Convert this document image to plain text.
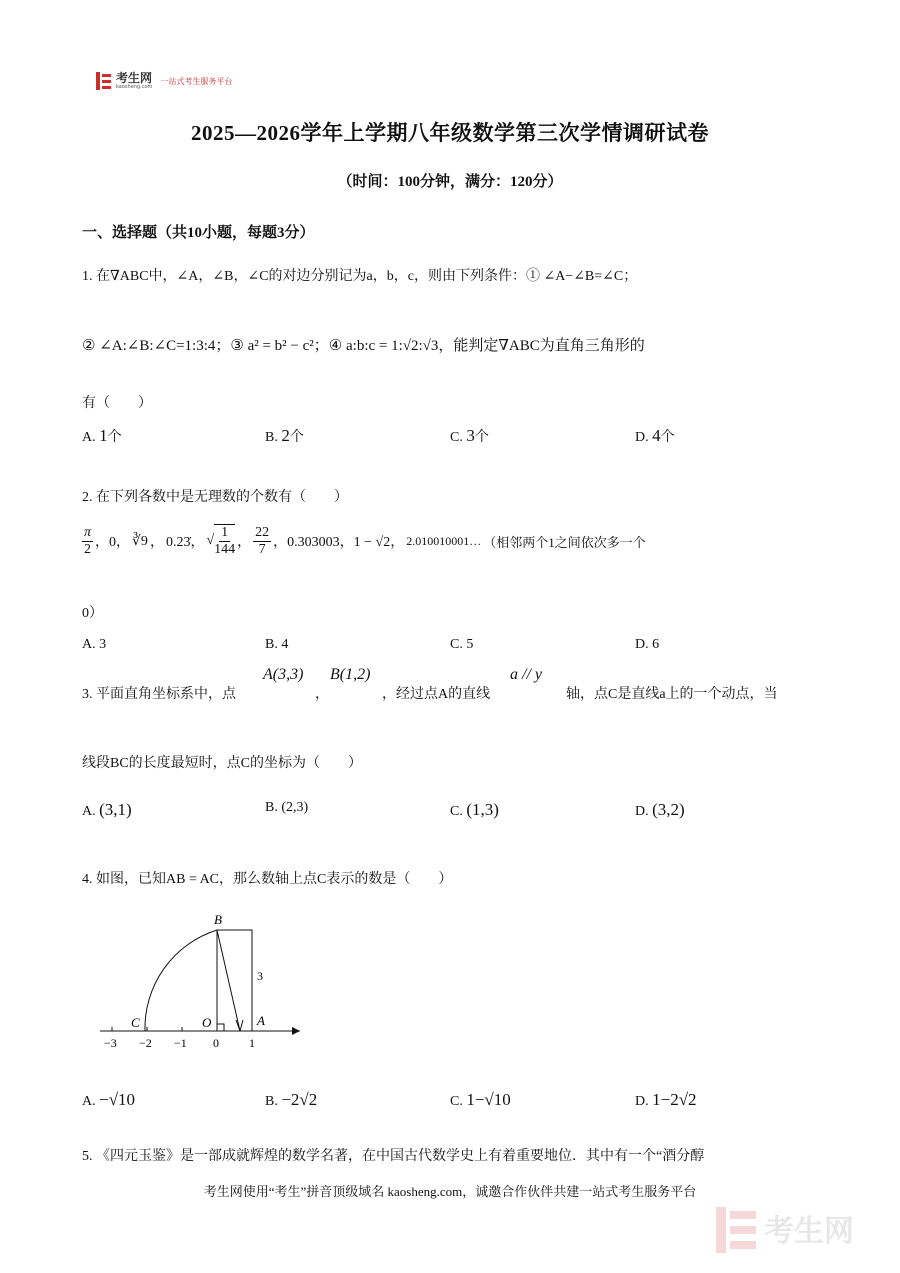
考生网
kaosheng.com
一站式考生服务平台
2025—2026学年上学期八年级数学第三次学情调研试卷
（时间：100分钟，满分：120分）
一、选择题（共10小题，每题3分）
1. 在∇ABC中，∠A，∠B，∠C的对边分别记为a，b，c，则由下列条件：① ∠A−∠B=∠C；
② ∠A:∠B:∠C=1:3:4；③ a² = b² − c²；④ a:b:c = 1:√2:√3，能判定∇ABC为直角三角形的
有（　　）
A. 1个	B. 2个	C. 3个	D. 4个
2. 在下列各数中是无理数的个数有（　　）
$\frac{\pi}{2}$ ，0， ∛9 ， 0.23̇， √ $\frac{1}{144}$ ， $\frac{22}{7}$ ，0.303003，1 − √2， 2.010010001… （相邻两个1之间依次多一个
0）
A. 3	B. 4	C. 5	D. 6
3. 平面直角坐标系中，点
A(3,3)
，
B(1,2)
，经过点A的直线
a // y
轴，点C是直线a上的一个动点，当
线段BC的长度最短时，点C的坐标为（　　）
A. (3,1)	B. (2,3)	C. (1,3)	D. (3,2)
4. 如图，已知AB = AC，那么数轴上点C表示的数是（　　）
B
C	O	A
3
−3 −2 −1 0	1
A. −√10	B. −2√2	C. 1−√10	D. 1−2√2
5. 《四元玉鉴》是一部成就辉煌的数学名著，在中国古代数学史上有着重要地位．其中有一个“酒分醇
考生网使用“考生”拼音顶级域名 kaosheng.com，诚邀合作伙伴共建一站式考生服务平台
考生网
